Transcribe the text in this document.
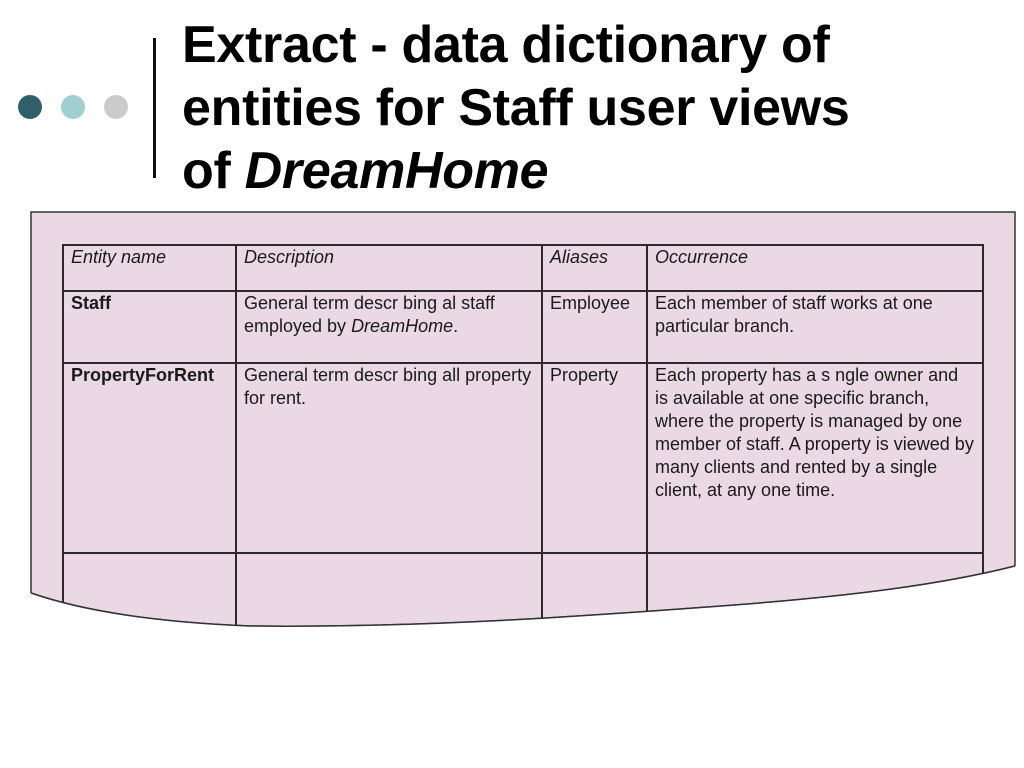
Extract - data dictionary of
entities for Staff user views
of DreamHome
Entity name	Description	Aliases	Occurrence
Staff	General term descr bing al staff employed by DreamHome.	Employee	Each member of staff works at one particular branch.
PropertyForRent	General term descr bing all property for rent.	Property	Each property has a s ngle owner and is available at one specific branch, where the property is managed by one member of staff. A property is viewed by many clients and rented by a single client, at any one time.
